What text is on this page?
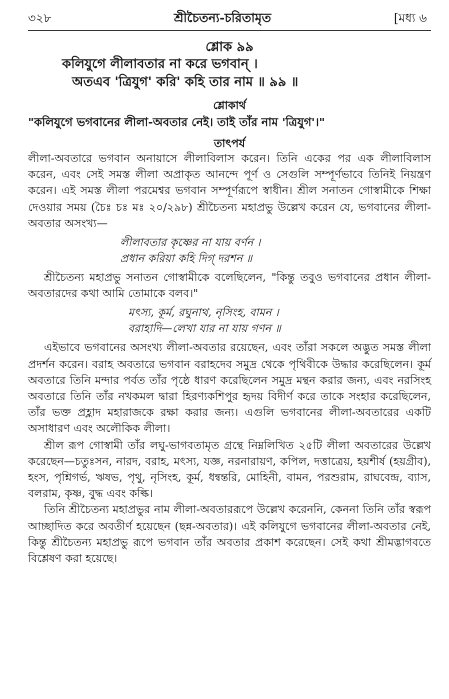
৩২৮	শ্রীচৈতন্য-চরিতামৃত	[মধ্য ৬
শ্লোক ৯৯
কলিযুগে লীলাবতার না করে ভগবান্ ।
অতএব 'ত্রিযুগ' করি' কহি তার নাম ॥ ৯৯ ॥
শ্লোকার্থ
"কলিযুগে ভগবানের লীলা-অবতার নেই। তাই তাঁর নাম 'ত্রিযুগ'।"
তাৎপর্য

লীলা-অবতারে ভগবান অনায়াসে লীলাবিলাস করেন। তিনি একের পর এক লীলাবিলাস করেন, এবং সেই সমস্ত লীলা অপ্রাকৃত আনন্দে পূর্ণ ও সেগুলি সম্পূর্ণভাবে তিনিই নিয়ন্ত্রণ করেন। এই সমস্ত লীলা পরমেশ্বর ভগবান সম্পূর্ণরূপে স্বাধীন। শ্রীল সনাতন গোস্বামীকে শিক্ষা দেওয়ার সময় (চৈঃ চঃ মঃ ২০/২৯৮) শ্রীচৈতন্য মহাপ্রভু উল্লেখ করেন যে, ভগবানের লীলা-অবতার অসংখ্য—

লীলাবতার কৃষ্ণের না যায় বর্ণন ।
প্রধান করিয়া কহি দিগ্‌ দরশন ॥

শ্রীচৈতন্য মহাপ্রভু সনাতন গোস্বামীকে বলেছিলেন, "কিন্তু তবুও ভগবানের প্রধান লীলা-অবতারদের কথা আমি তোমাকে বলব।"

মৎস্য, কূর্ম, রঘুনাথ, নৃসিংহ, বামন ।
বরাহাদি—লেখা যার না যায় গণন ॥

এইভাবে ভগবানের অসংখ্য লীলা-অবতার রয়েছেন, এবং তাঁরা সকলে অদ্ভুত সমস্ত লীলা প্রদর্শন করেন। বরাহ অবতারে ভগবান বরাহদেব সমুদ্র থেকে পৃথিবীকে উদ্ধার করেছিলেন। কূর্ম অবতারে তিনি মন্দার পর্বত তাঁর পৃষ্ঠে ধারণ করেছিলেন সমুদ্র মন্থন করার জন্য, এবং নরসিংহ অবতারে তিনি তাঁর নখকমল দ্বারা হিরণ্যকশিপুর হৃদয় বিদীর্ণ করে তাকে সংহার করেছিলেন, তাঁর ভক্ত প্রহ্লাদ মহারাজকে রক্ষা করার জন্য। এগুলি ভগবানের লীলা-অবতারের একটি অসাধারণ এবং অলৌকিক লীলা।

শ্রীল রূপ গোস্বামী তাঁর লঘু-ভাগবতামৃত গ্রন্থে নিম্নলিখিত ২৫টি লীলা অবতারের উল্লেখ করেছেন—চতুঃসন, নারদ, বরাহ, মৎস্য, যজ্ঞ, নরনারায়ণ, কপিল, দত্তাত্রেয়, হয়শীর্ষ (হয়গ্রীব), হংস, পৃশ্নিগর্ভ, ঋষভ, পৃথু, নৃসিংহ, কূর্ম, ধন্বন্তরি, মোহিনী, বামন, পরশুরাম, রাঘবেন্দ্র, ব্যাস, বলরাম, কৃষ্ণ, বুদ্ধ এবং কল্কি।

তিনি শ্রীচৈতন্য মহাপ্রভুর নাম লীলা-অবতাররূপে উল্লেখ করেননি, কেননা তিনি তাঁর স্বরূপ আচ্ছাদিত করে অবতীর্ণ হয়েছেন (ছন্ন-অবতার)। এই কলিযুগে ভগবানের লীলা-অবতার নেই, কিন্তু শ্রীচৈতন্য মহাপ্রভু রূপে ভগবান তাঁর অবতার প্রকাশ করেছেন। সেই কথা শ্রীমদ্ভাগবতে বিশ্লেষণ করা হয়েছে।
